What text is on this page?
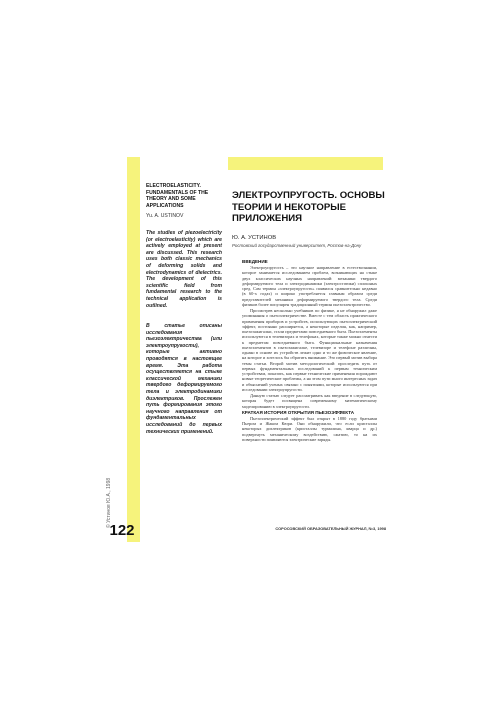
© Устинов Ю.А., 1998
122
ELECTROELASTICITY. FUNDAMENTALS OF THE THEORY AND SOME APPLICATIONS
Yu. A. USTINOV
The studies of piezoelectricity (or electroelasticity) which are actively employed at present are discussed. This research uses both classic mechanics of deforming solids and electrodynamics of dielectrics. The development of this scientific field from fundamental research to the technical application is outlined.
В статье описаны исследования пьезоэлектричества (или электроупругости), которые активно проводятся в настоящее время. Эта работа осуществляется на стыке классической механики твердого деформируемого тела и электродинамики диэлектриков. Прослежен путь формирования этого научного направления от фундаментальных исследований до первых технических применений.
ЭЛЕКТРОУПРУГОСТЬ. ОСНОВЫ ТЕОРИИ И НЕКОТОРЫЕ ПРИЛОЖЕНИЯ
Ю. А. УСТИНОВ
Ростовский государственный университет, Ростов-на-Дону

ВВЕДЕНИЕ

Электроупругость – это научное направление в естествознании, которое занимается исследованием проблем, возникающих на стыке двух классических научных направлений: механики твердого деформируемого тела и электродинамики (электростатики) сплошных сред. Сам термин «электроупругость» появился сравнительно недавно (в 60-х годах) и широко употребляется главным образом среди представителей механики деформируемого твердого тела. Среди физиков более популярен традиционный термин пьезоэлектричество.

Просмотрев несколько учебников по физике, я не обнаружил даже упоминания о пьезоэлектричестве. Вместе с тем область практического применения приборов и устройств, использующих пьезоэлектрический эффект, постоянно расширяется, а некоторые изделия, как, например, пьезозажигалки, стали предметами повседневного быта. Пьезоэлементы используются в телевизорах и телефонах, которые также можно отнести к предметам повседневного быта. Функциональные назначения пьезоэлементов в пьезозажигалке, телевизоре и телефоне различны, однако в основе их устройств лежит одно и то же физическое явление, на которое и хотелось бы обратить внимание. Это первый мотив выбора темы статьи. Второй мотив методологический: проследить путь от первых фундаментальных исследований к первым техническим устройствам, показать, как первые технические применения порождают новые теоретические проблемы, а на этом пути много интересных задач и объяснений ученых связано с понятиями, которые используются при исследовании электроупругости.

Данную статью следует рассматривать как введение в следующую, которая будет посвящена современному математическому моделированию в электроупругости.

КРАТКАЯ ИСТОРИЯ ОТКРЫТИЯ ПЬЕЗОЭФФЕКТА

Пьезоэлектрический эффект был открыт в 1880 году братьями Пьером и Жаком Кюри. Они обнаружили, что если кристаллы некоторых диэлектриков (кристаллы турмалина, кварца и др.) подвергнуть механическому воздействию, сжатию, то на их поверхности появляются электрические заряды.

СОРОСОВСКИЙ ОБРАЗОВАТЕЛЬНЫЙ ЖУРНАЛ, №3, 1998
